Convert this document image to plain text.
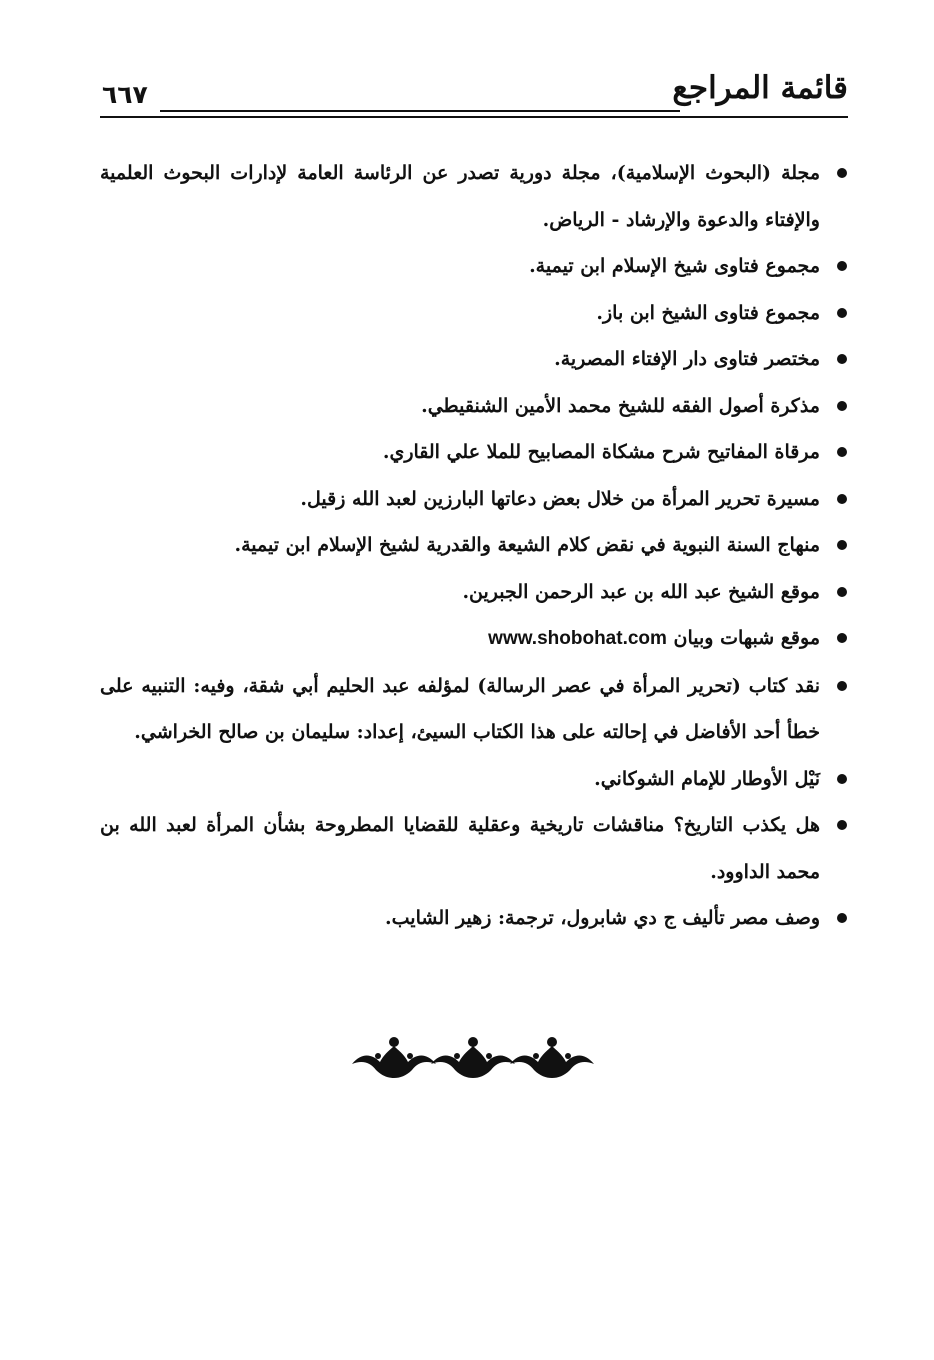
قائمة المراجع
٦٦٧
مجلة (البحوث الإسلامية)، مجلة دورية تصدر عن الرئاسة العامة لإدارات البحوث العلمية والإفتاء والدعوة والإرشاد - الرياض.
مجموع فتاوى شيخ الإسلام ابن تيمية.
مجموع فتاوى الشيخ ابن باز.
مختصر فتاوى دار الإفتاء المصرية.
مذكرة أصول الفقه للشيخ محمد الأمين الشنقيطي.
مرقاة المفاتيح شرح مشكاة المصابيح للملا علي القاري.
مسيرة تحرير المرأة من خلال بعض دعاتها البارزين لعبد الله زقيل.
منهاج السنة النبوية في نقض كلام الشيعة والقدرية لشيخ الإسلام ابن تيمية.
موقع الشيخ عبد الله بن عبد الرحمن الجبرين.
موقع شبهات وبيان www.shobohat.com
نقد كتاب (تحرير المرأة في عصر الرسالة) لمؤلفه عبد الحليم أبي شقة، وفيه: التنبيه على خطأ أحد الأفاضل في إحالته على هذا الكتاب السيئ، إعداد: سليمان بن صالح الخراشي.
نَيْل الأوطار للإمام الشوكاني.
هل يكذب التاريخ؟ مناقشات تاريخية وعقلية للقضايا المطروحة بشأن المرأة لعبد الله بن محمد الداوود.
وصف مصر تأليف ج دي شابرول، ترجمة: زهير الشايب.
